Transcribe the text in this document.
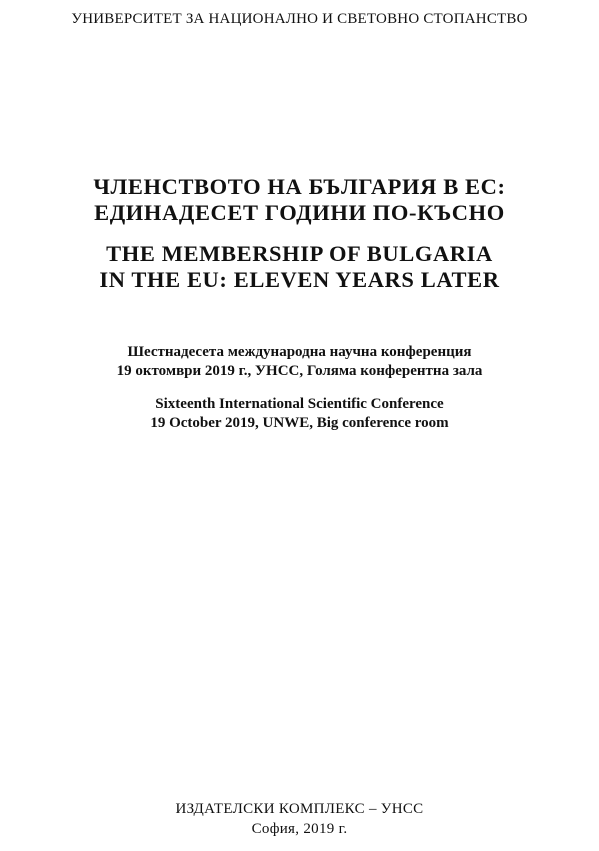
УНИВЕРСИТЕТ ЗА НАЦИОНАЛНО И СВЕТОВНО СТОПАНСТВО
ЧЛЕНСТВОТО НА БЪЛГАРИЯ В ЕС:
ЕДИНАДЕСЕТ ГОДИНИ ПО-КЪСНО
THE MEMBERSHIP OF BULGARIA
IN THE EU: ELEVEN YEARS LATER
Шестнадесета международна научна конференция
19 октомври 2019 г., УНСС, Голяма конферентна зала
Sixteenth International Scientific Conference
19 October 2019, UNWE, Big conference room
ИЗДАТЕЛСКИ КОМПЛЕКС – УНСС
София, 2019 г.
